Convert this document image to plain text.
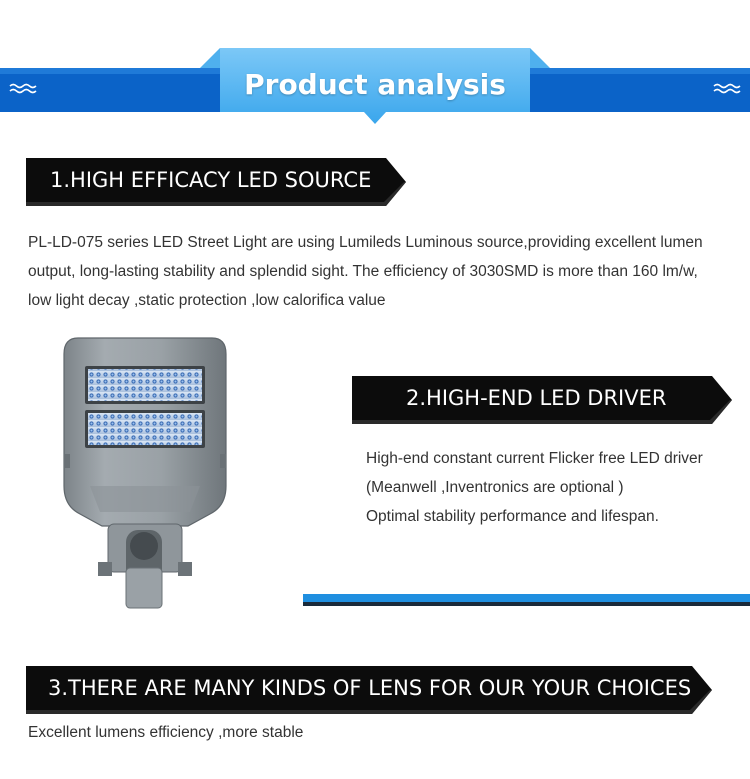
Product analysis
1.HIGH EFFICACY LED SOURCE
PL-LD-075 series LED Street Light are using Lumileds Luminous source,providing excellent lumen
output, long-lasting stability and splendid sight. The efficiency of 3030SMD is more than 160 lm/w,
low light decay ,static protection ,low calorifica value
2.HIGH-END LED DRIVER
High-end constant current Flicker free LED driver
(Meanwell ,Inventronics are optional )
Optimal stability performance and lifespan.
3.THERE ARE MANY KINDS OF LENS FOR OUR YOUR CHOICES
Excellent lumens efficiency ,more stable
